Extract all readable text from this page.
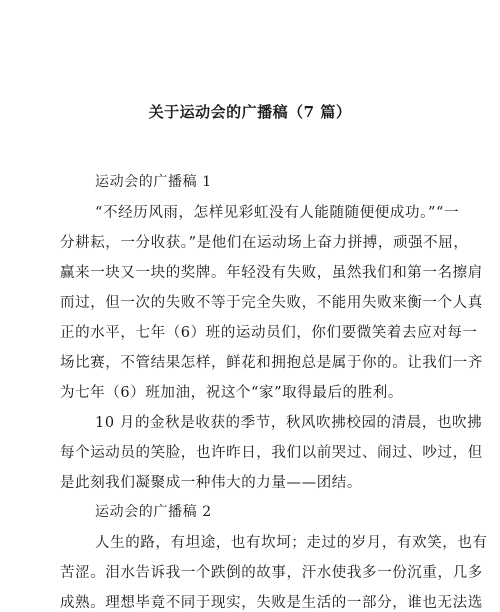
关于运动会的广播稿（7 篇）
运动会的广播稿 1
“不经历风雨，怎样见彩虹没有人能随随便便成功。”“一
分耕耘，一分收获。”是他们在运动场上奋力拼搏，顽强不屈，
赢来一块又一块的奖牌。年轻没有失败，虽然我们和第一名擦肩
而过，但一次的失败不等于完全失败，不能用失败来衡一个人真
正的水平，七年（6）班的运动员们，你们要微笑着去应对每一
场比赛，不管结果怎样，鲜花和拥抱总是属于你的。让我们一齐
为七年（6）班加油，祝这个“家”取得最后的胜利。
10 月的金秋是收获的季节，秋风吹拂校园的清晨，也吹拂
每个运动员的笑脸，也许昨日，我们以前哭过、闹过、吵过，但
是此刻我们凝聚成一种伟大的力量——团结。
运动会的广播稿 2
人生的路，有坦途，也有坎坷；走过的岁月，有欢笑，也有
苦涩。泪水告诉我一个跌倒的故事，汗水使我多一份沉重，几多
成熟。理想毕竟不同于现实，失败是生活的一部分，谁也无法选
